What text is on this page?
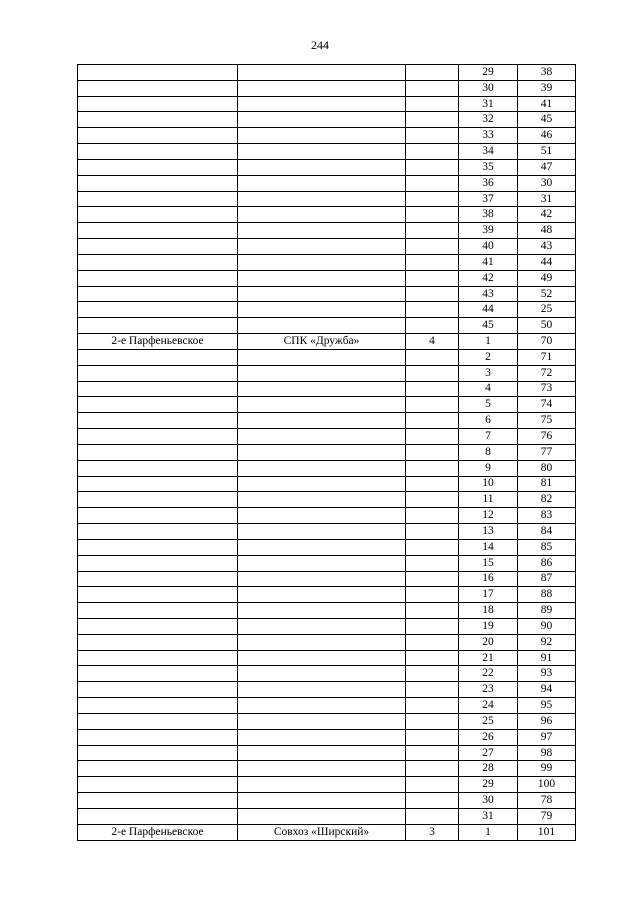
244
			29	38
			30	39
			31	41
			32	45
			33	46
			34	51
			35	47
			36	30
			37	31
			38	42
			39	48
			40	43
			41	44
			42	49
			43	52
			44	25
			45	50
2-е Парфеньевское	СПК «Дружба»	4	1	70
			2	71
			3	72
			4	73
			5	74
			6	75
			7	76
			8	77
			9	80
			10	81
			11	82
			12	83
			13	84
			14	85
			15	86
			16	87
			17	88
			18	89
			19	90
			20	92
			21	91
			22	93
			23	94
			24	95
			25	96
			26	97
			27	98
			28	99
			29	100
			30	78
			31	79
2-е Парфеньевское	Совхоз «Ширский»	3	1	101
